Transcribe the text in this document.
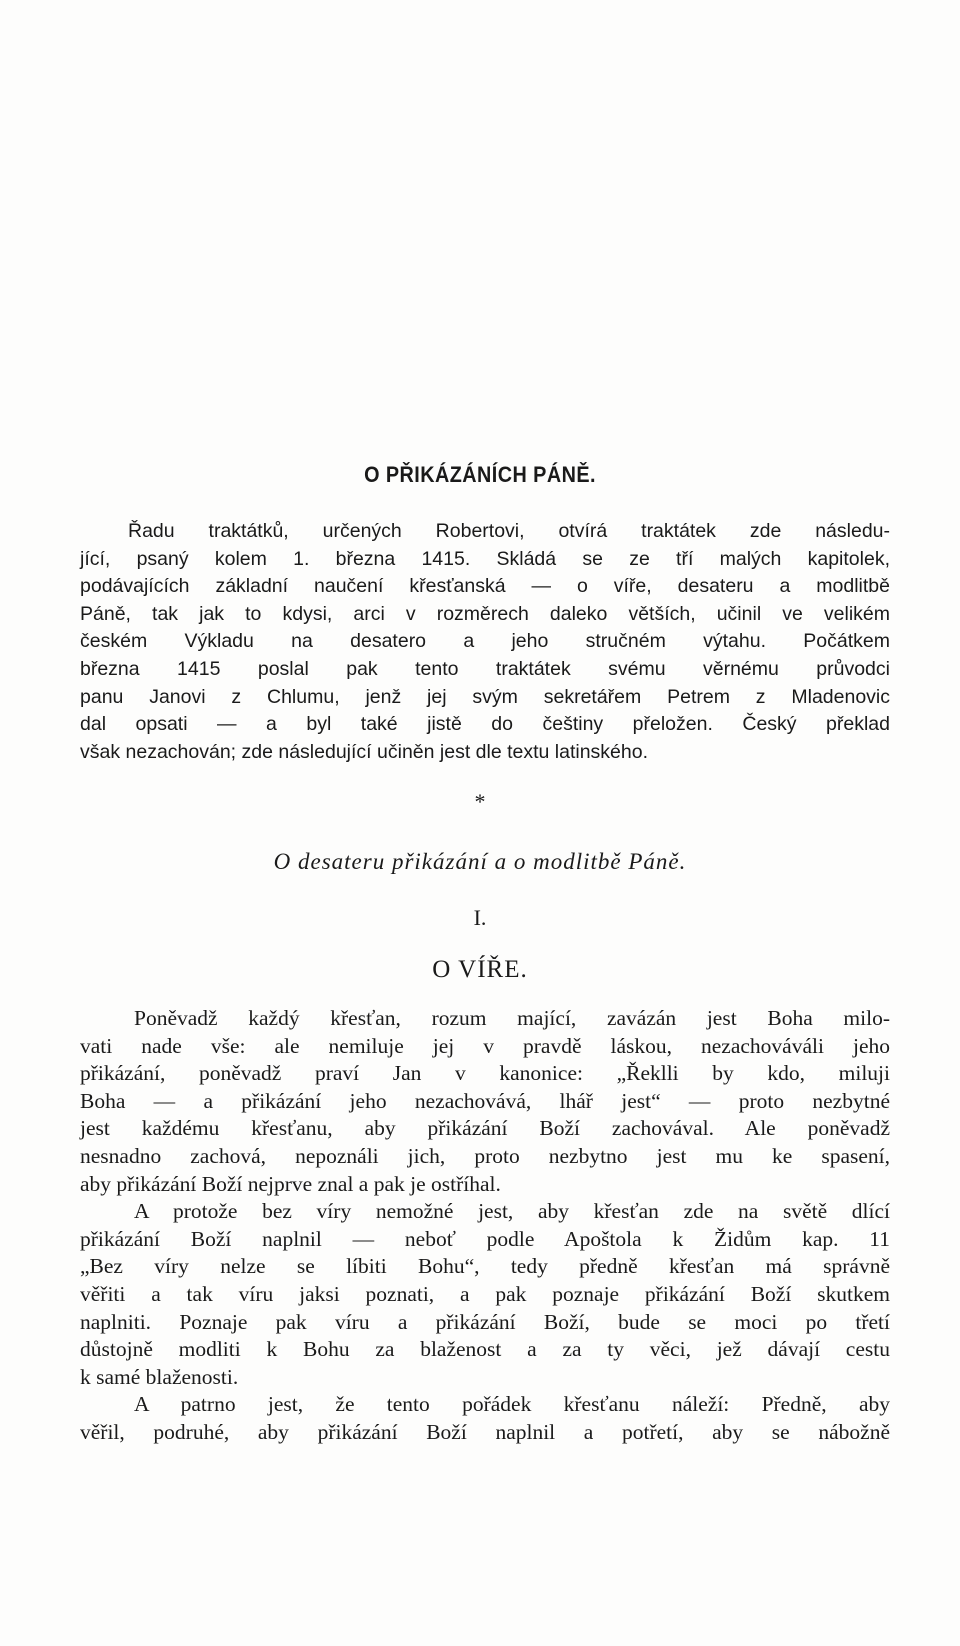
O PŘIKÁZÁNÍCH PÁNĚ.
Řadu traktátků, určených Robertovi, otvírá traktátek zde následu-
jící, psaný kolem 1. března 1415. Skládá se ze tří malých kapitolek,
podávajících základní naučení křesťanská — o víře, desateru a modlitbě
Páně, tak jak to kdysi, arci v rozměrech daleko větších, učinil ve velikém
českém Výkladu na desatero a jeho stručném výtahu. Počátkem
března 1415 poslal pak tento traktátek svému věrnému průvodci
panu Janovi z Chlumu, jenž jej svým sekretářem Petrem z Mladenovic
dal opsati — a byl také jistě do češtiny přeložen. Český překlad
však nezachován; zde následující učiněn jest dle textu latinského.
*
O desateru přikázání a o modlitbě Páně.
I.
O VÍŘE.
Poněvadž každý křesťan, rozum mající, zavázán jest Boha milo-
vati nade vše: ale nemiluje jej v pravdě láskou, nezachováváli jeho
přikázání, poněvadž praví Jan v kanonice: „Řeklli by kdo, miluji
Boha — a přikázání jeho nezachovává, lhář jest“ — proto nezbytné
jest každému křesťanu, aby přikázání Boží zachovával. Ale poněvadž
nesnadno zachová, nepoználi jich, proto nezbytno jest mu ke spasení,
aby přikázání Boží nejprve znal a pak je ostříhal.
A protože bez víry nemožné jest, aby křesťan zde na světě dlící
přikázání Boží naplnil — neboť podle Apoštola k Židům kap. 11
„Bez víry nelze se líbiti Bohu“, tedy předně křesťan má správně
věřiti a tak víru jaksi poznati, a pak poznaje přikázání Boží skutkem
naplniti. Poznaje pak víru a přikázání Boží, bude se moci po třetí
důstojně modliti k Bohu za blaženost a za ty věci, jež dávají cestu
k samé blaženosti.
A patrno jest, že tento pořádek křesťanu náleží: Předně, aby
věřil, podruhé, aby přikázání Boží naplnil a potřetí, aby se nábožně
